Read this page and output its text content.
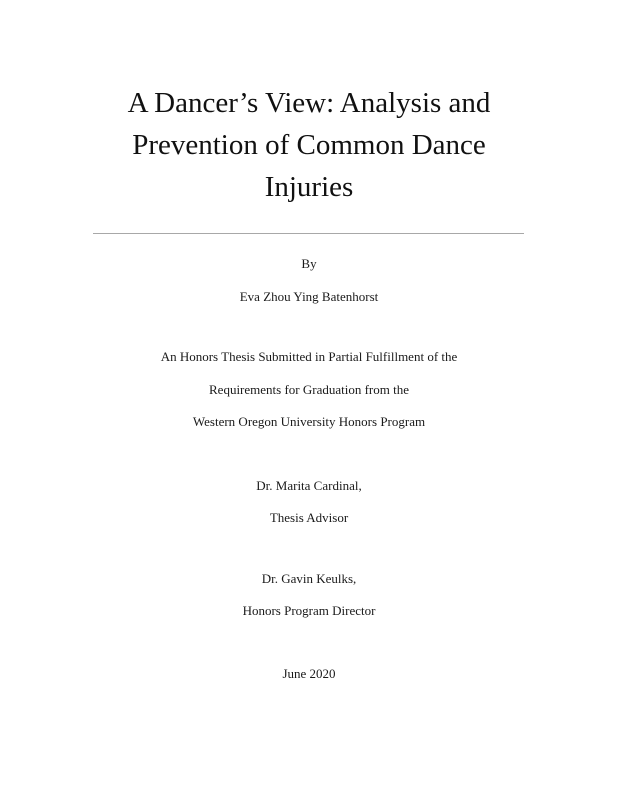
A Dancer’s View: Analysis and
Prevention of Common Dance
Injuries
By
Eva Zhou Ying Batenhorst
An Honors Thesis Submitted in Partial Fulfillment of the
Requirements for Graduation from the
Western Oregon University Honors Program
Dr. Marita Cardinal,
Thesis Advisor
Dr. Gavin Keulks,
Honors Program Director
June 2020
